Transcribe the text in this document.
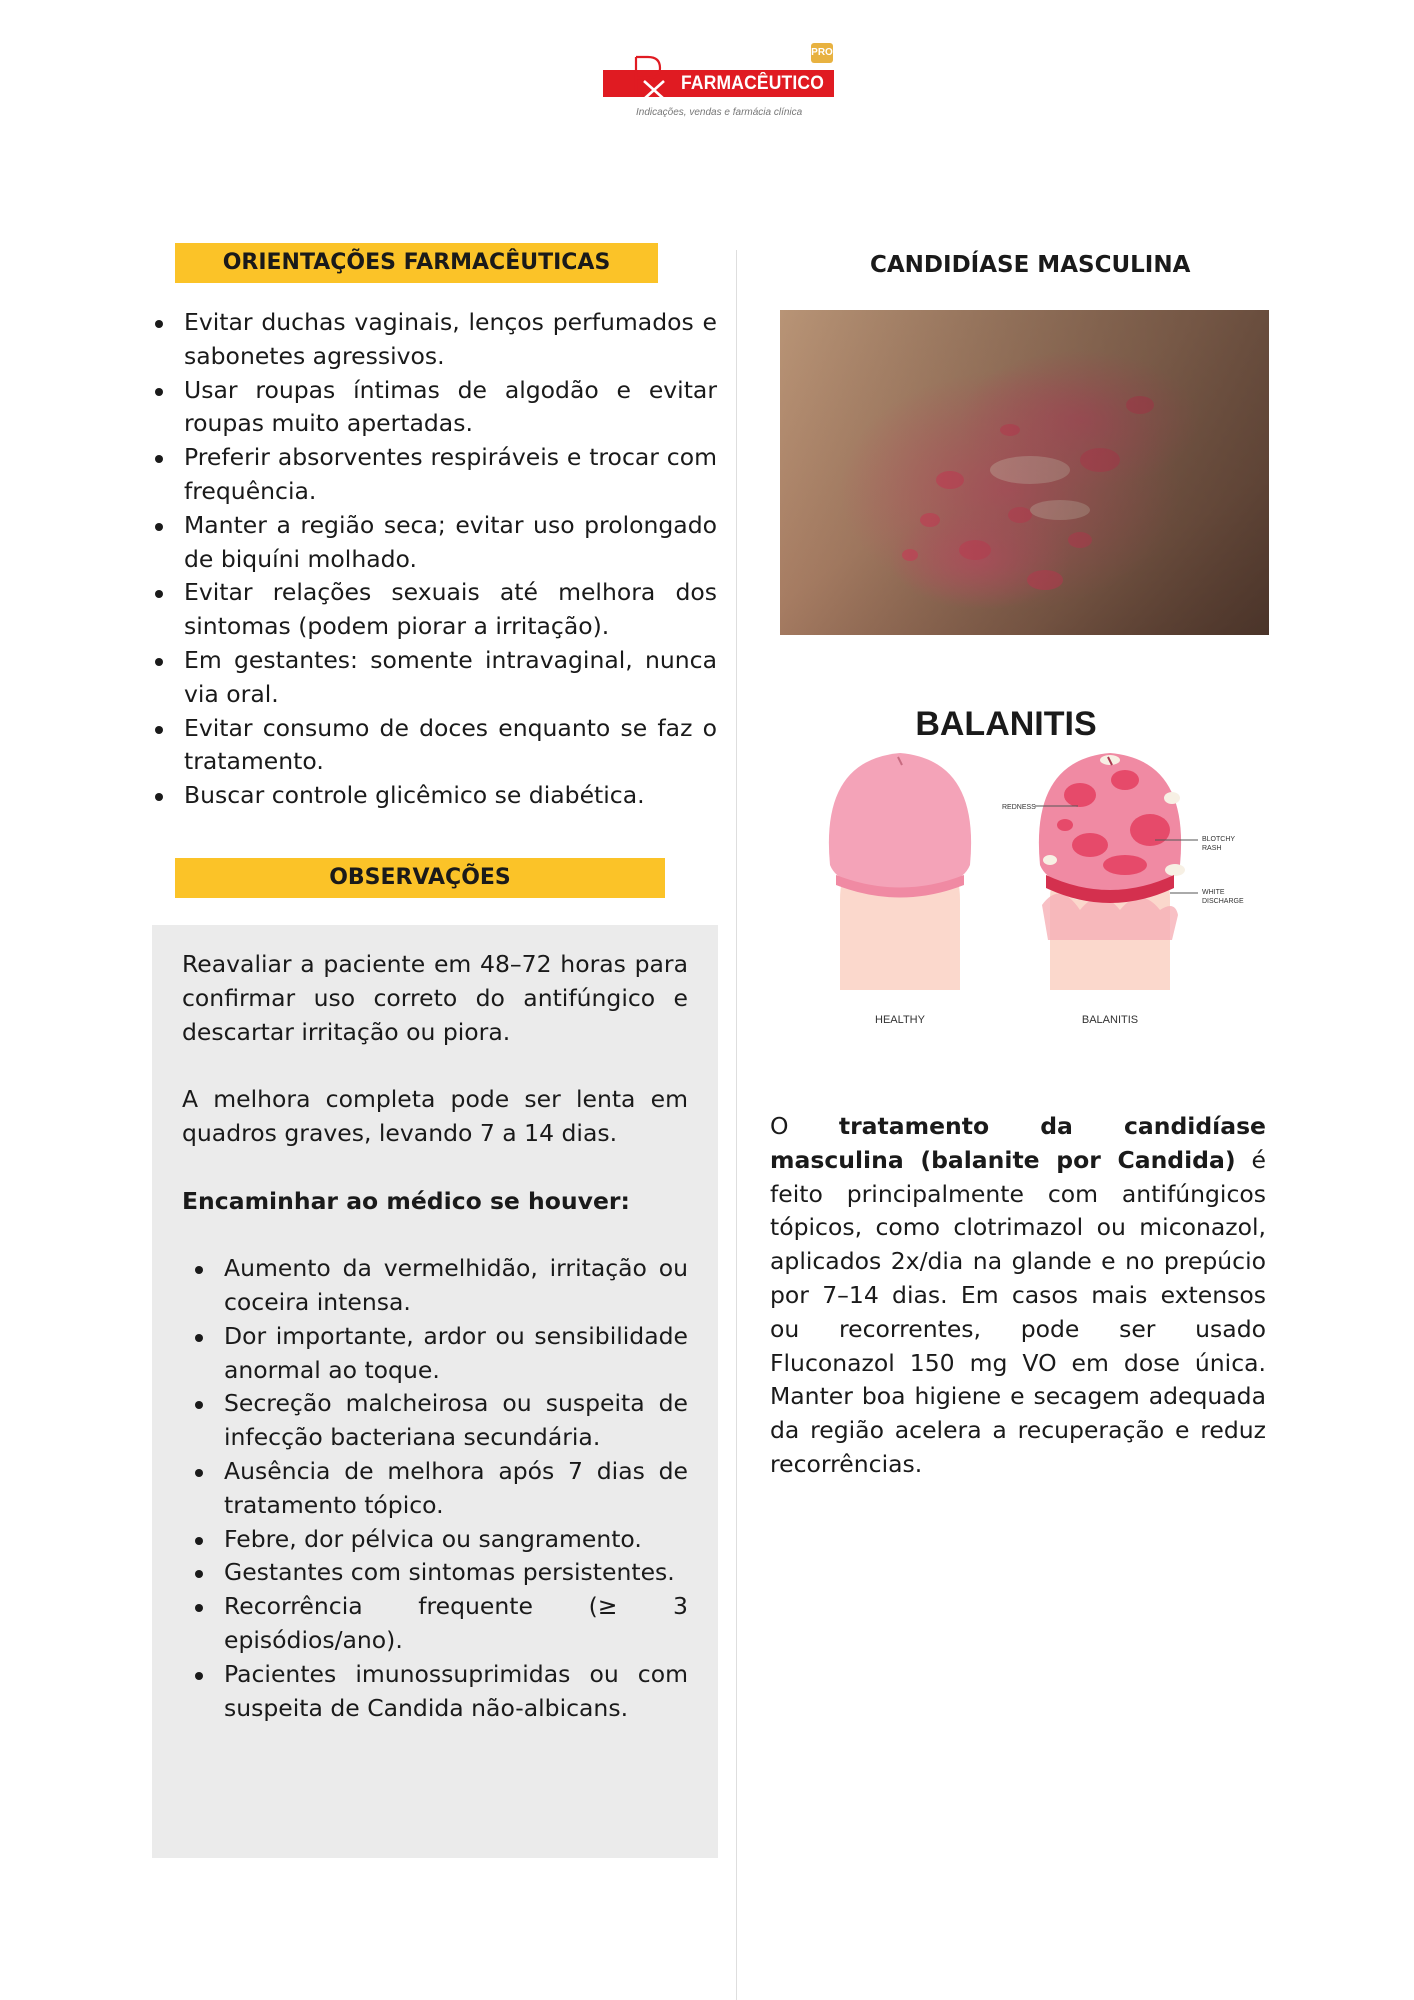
FARMACÊUTICO
PRO
Indicações, vendas e farmácia clínica
ORIENTAÇÕES FARMACÊUTICAS
Evitar duchas vaginais, lenços perfumados e sabonetes agressivos.
Usar roupas íntimas de algodão e evitar roupas muito apertadas.
Preferir absorventes respiráveis e trocar com frequência.
Manter a região seca; evitar uso prolongado de biquíni molhado.
Evitar relações sexuais até melhora dos sintomas (podem piorar a irritação).
Em gestantes: somente intravaginal, nunca via oral.
Evitar consumo de doces enquanto se faz o tratamento.
Buscar controle glicêmico se diabética.
OBSERVAÇÕES

Reavaliar a paciente em 48–72 horas para confirmar uso correto do antifúngico e descartar irritação ou piora.

A melhora completa pode ser lenta em quadros graves, levando 7 a 14 dias.

Encaminhar ao médico se houver:

Aumento da vermelhidão, irritação ou coceira intensa.
Dor importante, ardor ou sensibilidade anormal ao toque.
Secreção malcheirosa ou suspeita de infecção bacteriana secundária.
Ausência de melhora após 7 dias de tratamento tópico.
Febre, dor pélvica ou sangramento.
Gestantes com sintomas persistentes.
Recorrência frequente (≥ 3 episódios/ano).
Pacientes imunossuprimidas ou com suspeita de Candida não-albicans.
CANDIDÍASE MASCULINA
BALANITIS
REDNESS
BLOTCHY
RASH
WHITE
DISCHARGE
HEALTHY	BALANITIS
O tratamento da candidíase masculina (balanite por Candida) é feito principalmente com antifúngicos tópicos, como clotrimazol ou miconazol, aplicados 2x/dia na glande e no prepúcio por 7–14 dias. Em casos mais extensos ou recorrentes, pode ser usado Fluconazol 150 mg VO em dose única. Manter boa higiene e secagem adequada da região acelera a recuperação e reduz recorrências.
